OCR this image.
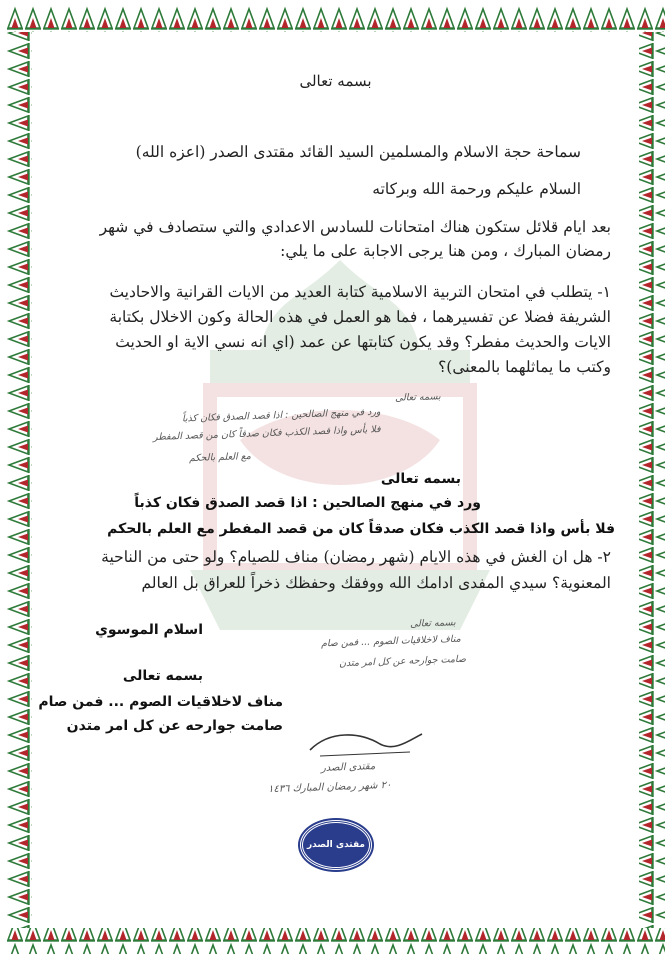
بسمه تعالى
سماحة حجة الاسلام والمسلمين السيد القائد مقتدى الصدر (اعزه الله)
السلام عليكم ورحمة الله وبركاته
بعد ايام قلائل ستكون هناك امتحانات للسادس الاعدادي والتي ستصادف في شهر
رمضان المبارك ، ومن هنا يرجى الاجابة على ما يلي:
١- يتطلب في امتحان التربية الاسلامية كتابة العديد من الايات القرانية والاحاديث
الشريفة فضلا عن تفسيرهما ، فما هو العمل في هذه الحالة وكون الاخلال بكتابة
الايات والحديث مفطر؟ وقد يكون كتابتها عن عمد (اي انه نسي الاية او الحديث
وكتب ما يماثلهما بالمعنى)؟
بسمه تعالى
ورد في منهج الصالحين : اذا قصد الصدق فكان كذباً
فلا بأس واذا قصد الكذب فكان صدقاً كان من قصد المفطر
مع العلم بالحكم
بسمه تعالى
ورد في منهج الصالحين : اذا قصد الصدق فكان كذباً
فلا بأس واذا قصد الكذب فكان صدقاً كان من قصد المفطر مع العلم بالحكم
٢- هل ان الغش في هذه الايام (شهر رمضان) مناف للصيام؟ ولو حتى من الناحية
المعنوية؟ سيدي المفدى ادامك الله ووفقك وحفظك ذخراً للعراق بل العالم
اسلام الموسوي	بسمه تعالى
مناف لاخلاقيات الصوم ... فمن صام
صامت جوارحه عن كل امر متدن
بسمه تعالى
مناف لاخلاقيات الصوم ... فمن صام
صامت جوارحه عن كل امر متدن
مقتدى الصدر
٢٠ شهر رمضان المبارك ١٤٣٦
مقتدى الصدر
